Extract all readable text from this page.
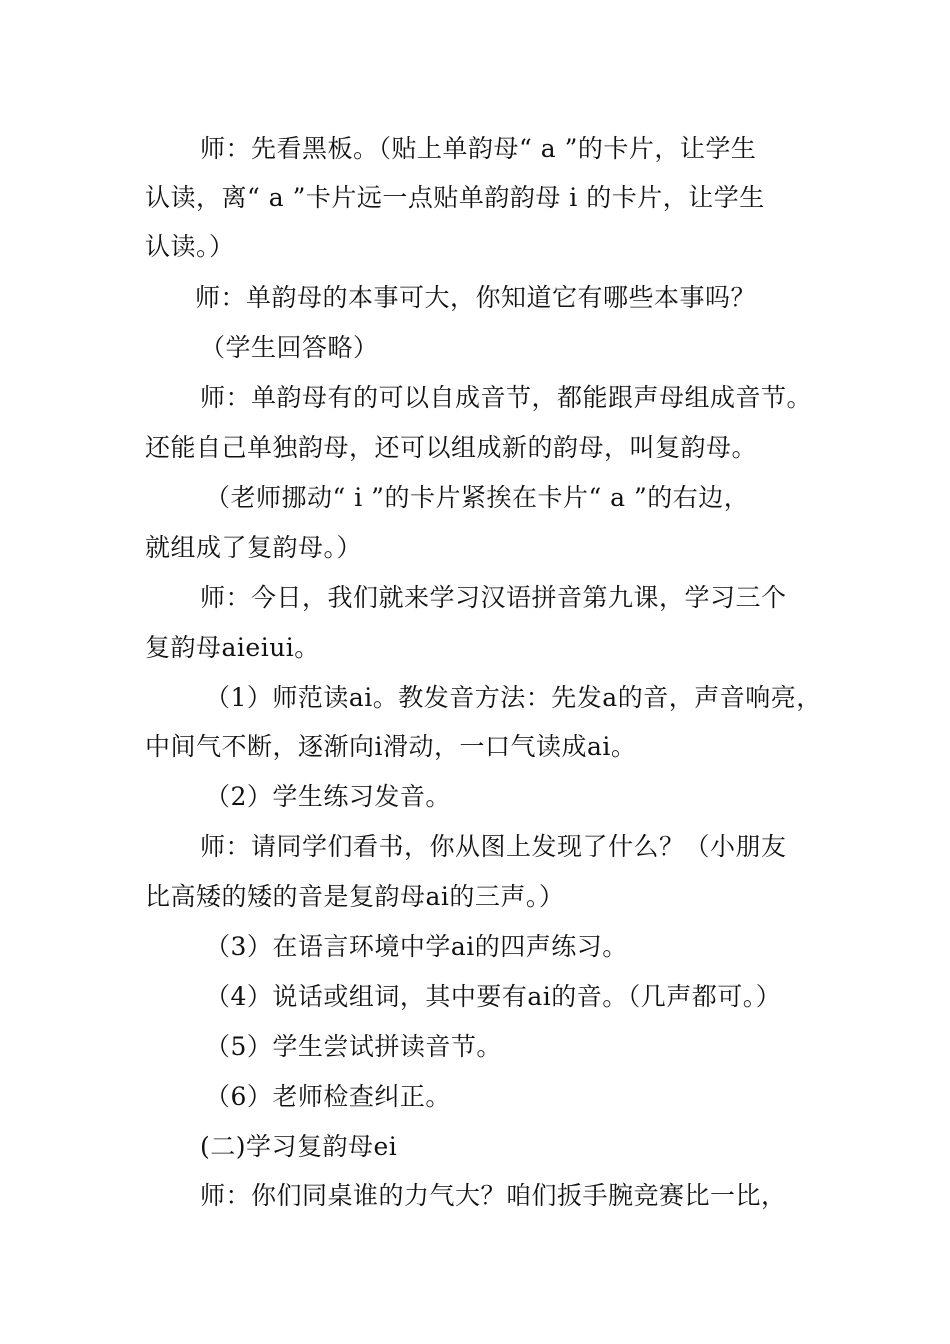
师：先看黑板。（贴上单韵母“ a ”的卡片，让学生
认读，离“ a ”卡片远一点贴单韵韵母 i 的卡片，让学生
认读。）
师：单韵母的本事可大，你知道它有哪些本事吗？
（学生回答略）
师：单韵母有的可以自成音节，都能跟声母组成音节。
还能自己单独韵母，还可以组成新的韵母，叫复韵母。
（老师挪动“ i ”的卡片紧挨在卡片“ a ”的右边，
就组成了复韵母。）
师：今日，我们就来学习汉语拼音第九课，学习三个
复韵母aieiui。
（1）师范读ai。教发音方法：先发a的音，声音响亮，
中间气不断，逐渐向i滑动，一口气读成ai。
（2）学生练习发音。
师：请同学们看书，你从图上发现了什么？（小朋友
比高矮的矮的音是复韵母ai的三声。）
（3）在语言环境中学ai的四声练习。
（4）说话或组词，其中要有ai的音。（几声都可。）
（5）学生尝试拼读音节。
（6）老师检查纠正。
(二)学习复韵母ei
师：你们同桌谁的力气大？咱们扳手腕竞赛比一比，
